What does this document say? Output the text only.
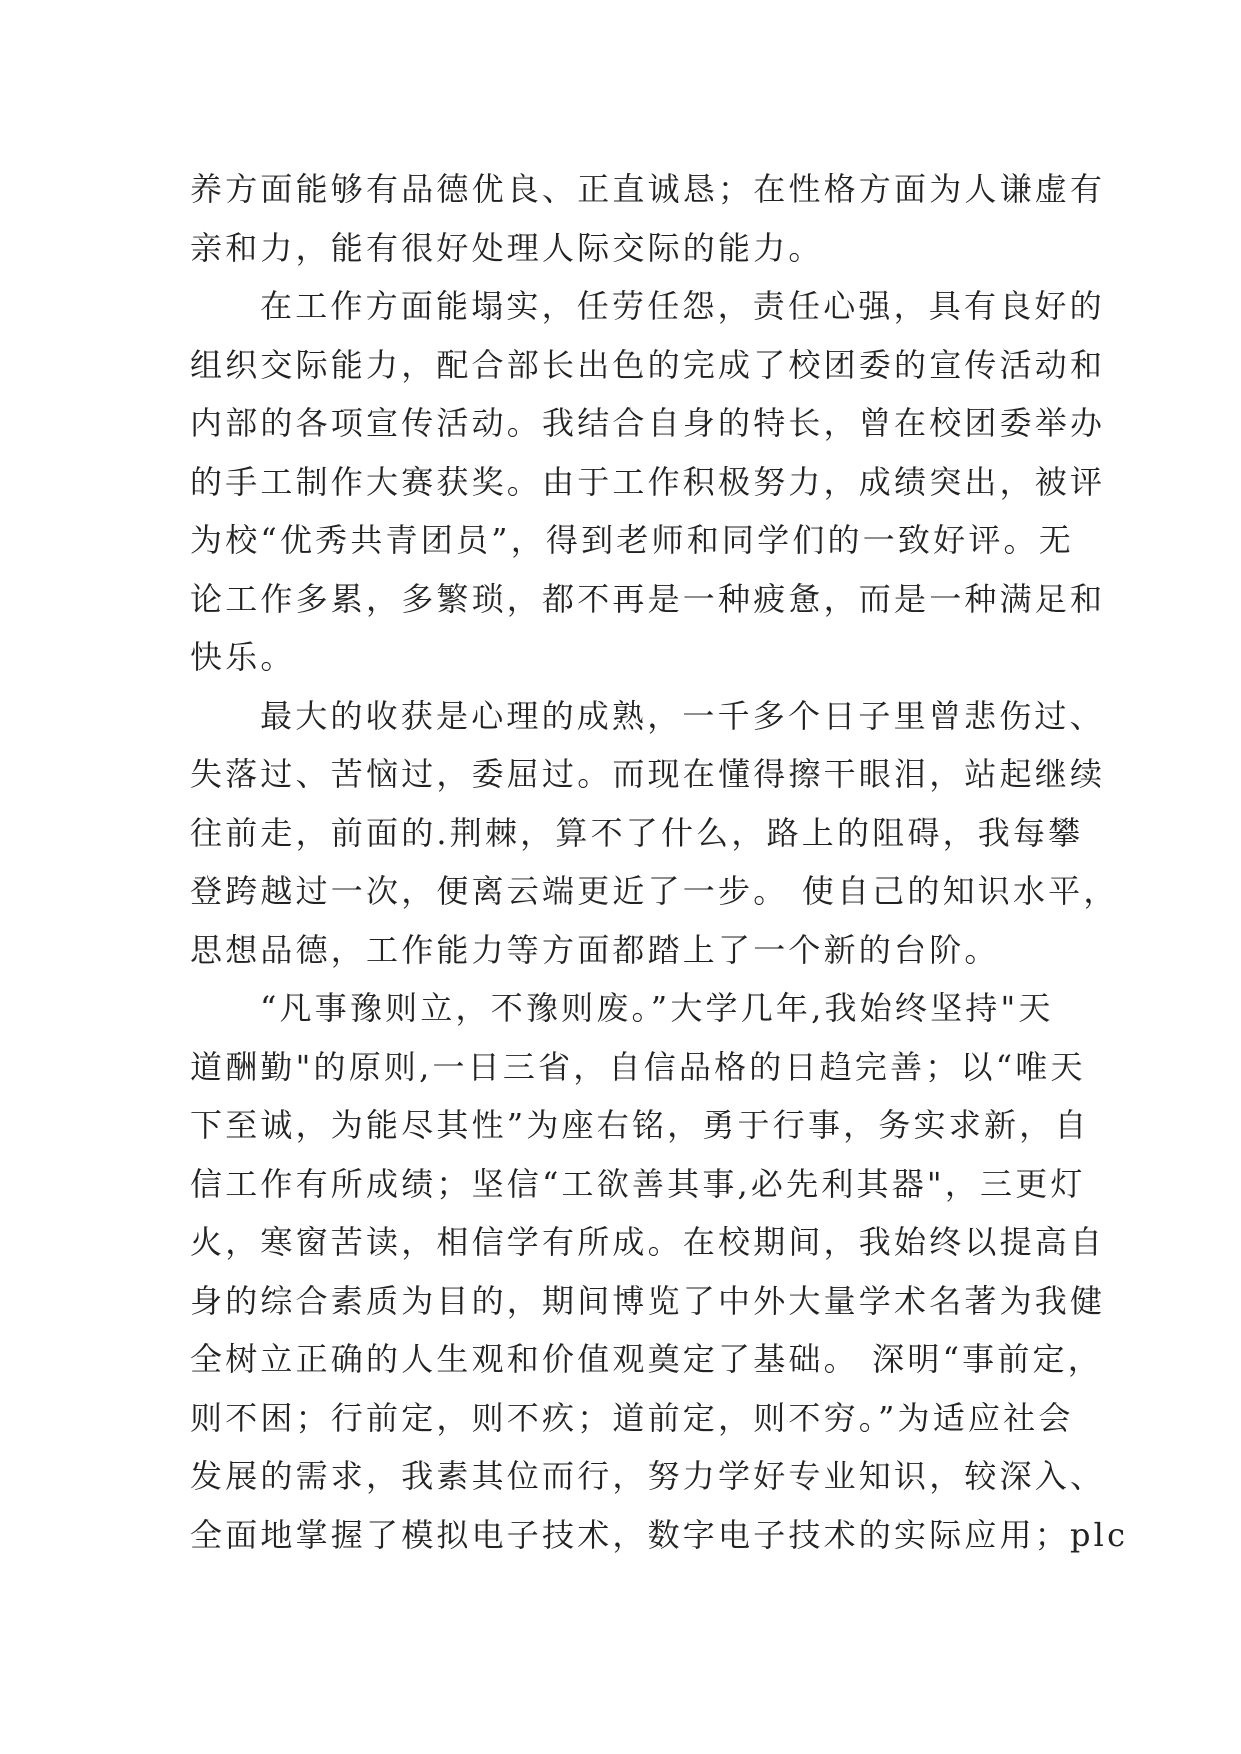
养方面能够有品德优良、正直诚恳；在性格方面为人谦虚有
亲和力，能有很好处理人际交际的能力。
在工作方面能塌实，任劳任怨，责任心强，具有良好的
组织交际能力，配合部长出色的完成了校团委的宣传活动和
内部的各项宣传活动。我结合自身的特长，曾在校团委举办
的手工制作大赛获奖。由于工作积极努力，成绩突出，被评
为校“优秀共青团员”，得到老师和同学们的一致好评。无
论工作多累，多繁琐，都不再是一种疲惫，而是一种满足和
快乐。
最大的收获是心理的成熟，一千多个日子里曾悲伤过、
失落过、苦恼过，委屈过。而现在懂得擦干眼泪，站起继续
往前走，前面的.荆棘，算不了什么，路上的阻碍，我每攀
登跨越过一次，便离云端更近了一步。 使自己的知识水平，
思想品德，工作能力等方面都踏上了一个新的台阶。
“凡事豫则立，不豫则废。”大学几年,我始终坚持"天
道酬勤"的原则,一日三省，自信品格的日趋完善；以“唯天
下至诚，为能尽其性”为座右铭，勇于行事，务实求新，自
信工作有所成绩；坚信“工欲善其事,必先利其器"，三更灯
火，寒窗苦读，相信学有所成。在校期间，我始终以提高自
身的综合素质为目的，期间博览了中外大量学术名著为我健
全树立正确的人生观和价值观奠定了基础。 深明“事前定，
则不困；行前定，则不疚；道前定，则不穷。”为适应社会
发展的需求，我素其位而行，努力学好专业知识，较深入、
全面地掌握了模拟电子技术，数字电子技术的实际应用；plc
